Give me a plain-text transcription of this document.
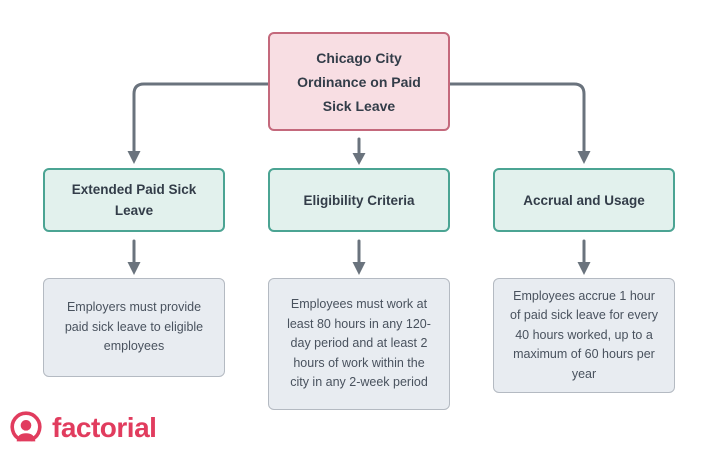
Chicago City Ordinance on Paid Sick Leave
Extended Paid Sick Leave
Eligibility Criteria	Accrual and Usage
Employers must provide paid sick leave to eligible employees
Employees must work at least 80 hours in any 120-day period and at least 2 hours of work within the city in any 2-week period
Employees accrue 1 hour of paid sick leave for every 40 hours worked, up to a maximum of 60 hours per year
factorial
